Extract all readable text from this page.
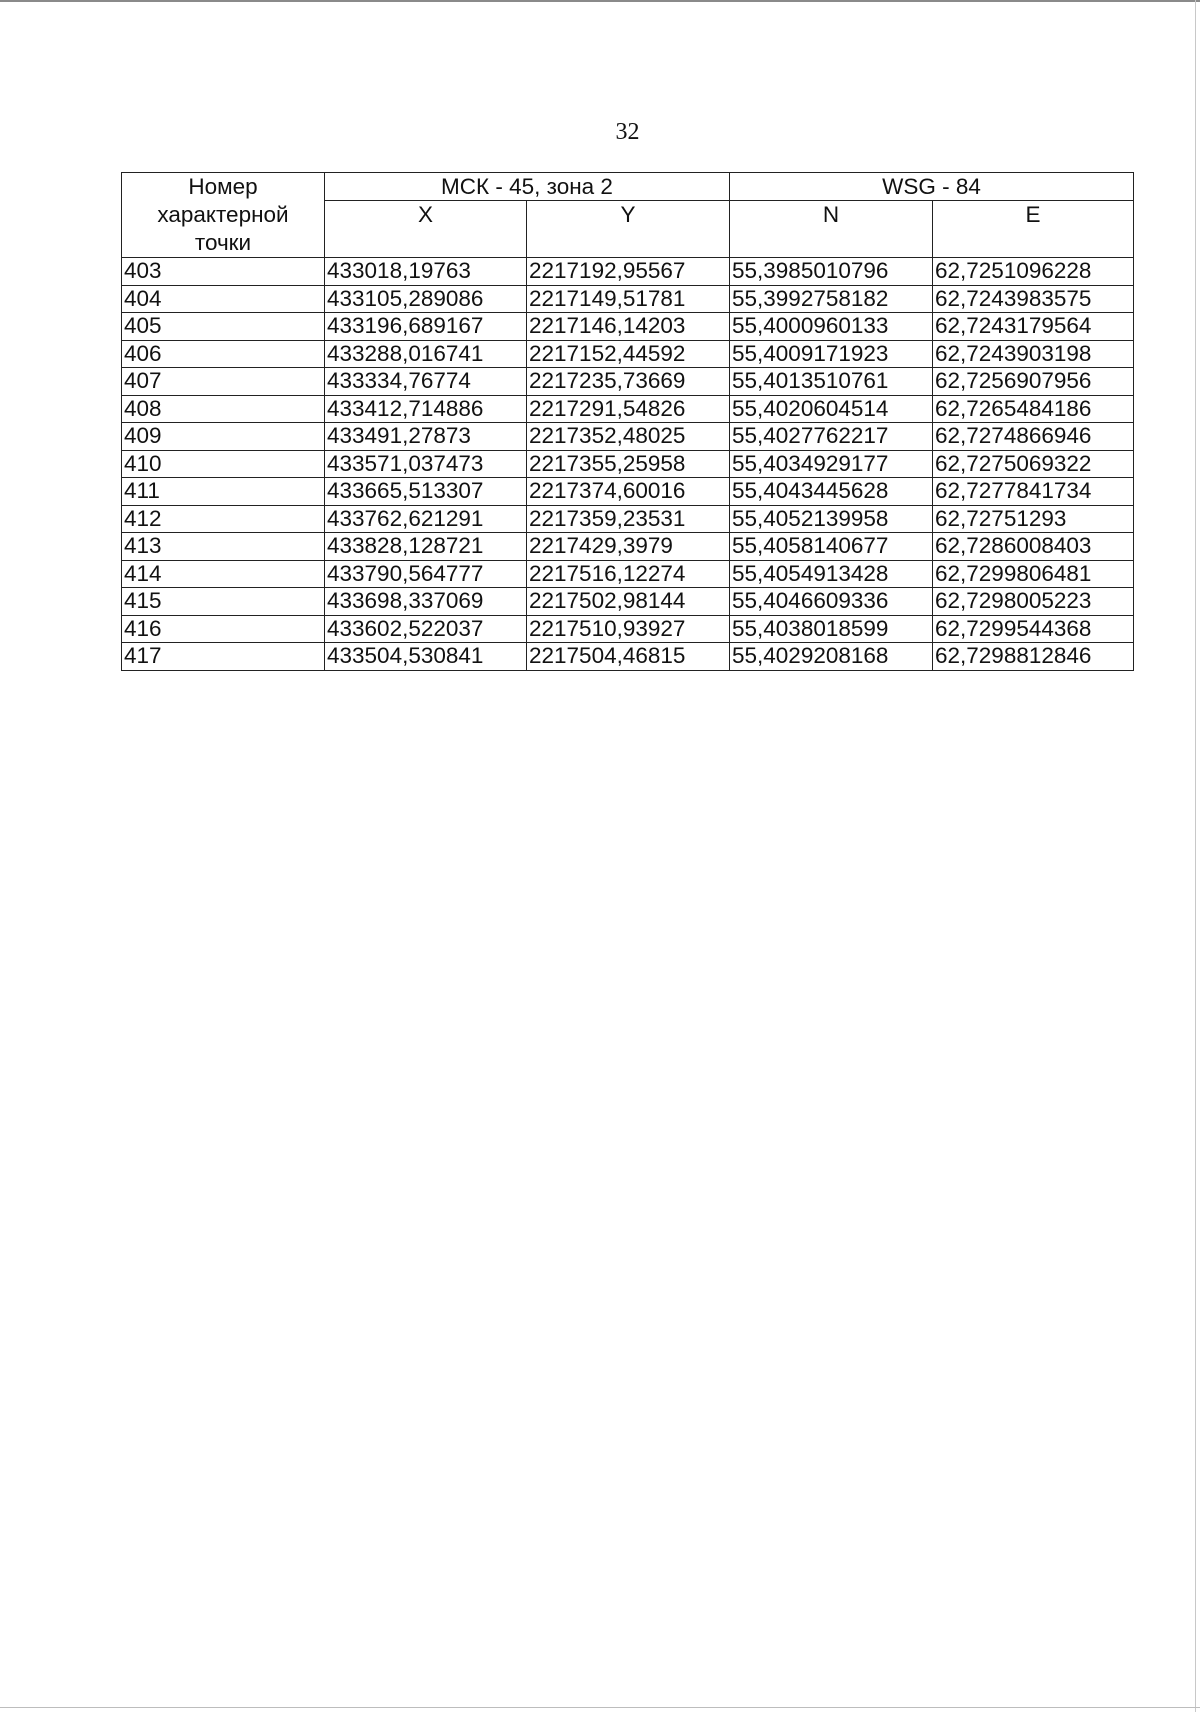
32
Номер
характерной
точки	МСК - 45, зона 2		WSG - 84	
	X	Y	N	E
403	433018,19763	2217192,95567	55,3985010796	62,7251096228
404	433105,289086	2217149,51781	55,3992758182	62,7243983575
405	433196,689167	2217146,14203	55,4000960133	62,7243179564
406	433288,016741	2217152,44592	55,4009171923	62,7243903198
407	433334,76774	2217235,73669	55,4013510761	62,7256907956
408	433412,714886	2217291,54826	55,4020604514	62,7265484186
409	433491,27873	2217352,48025	55,4027762217	62,7274866946
410	433571,037473	2217355,25958	55,4034929177	62,7275069322
411	433665,513307	2217374,60016	55,4043445628	62,7277841734
412	433762,621291	2217359,23531	55,4052139958	62,72751293
413	433828,128721	2217429,3979	55,4058140677	62,7286008403
414	433790,564777	2217516,12274	55,4054913428	62,7299806481
415	433698,337069	2217502,98144	55,4046609336	62,7298005223
416	433602,522037	2217510,93927	55,4038018599	62,7299544368
417	433504,530841	2217504,46815	55,4029208168	62,7298812846
